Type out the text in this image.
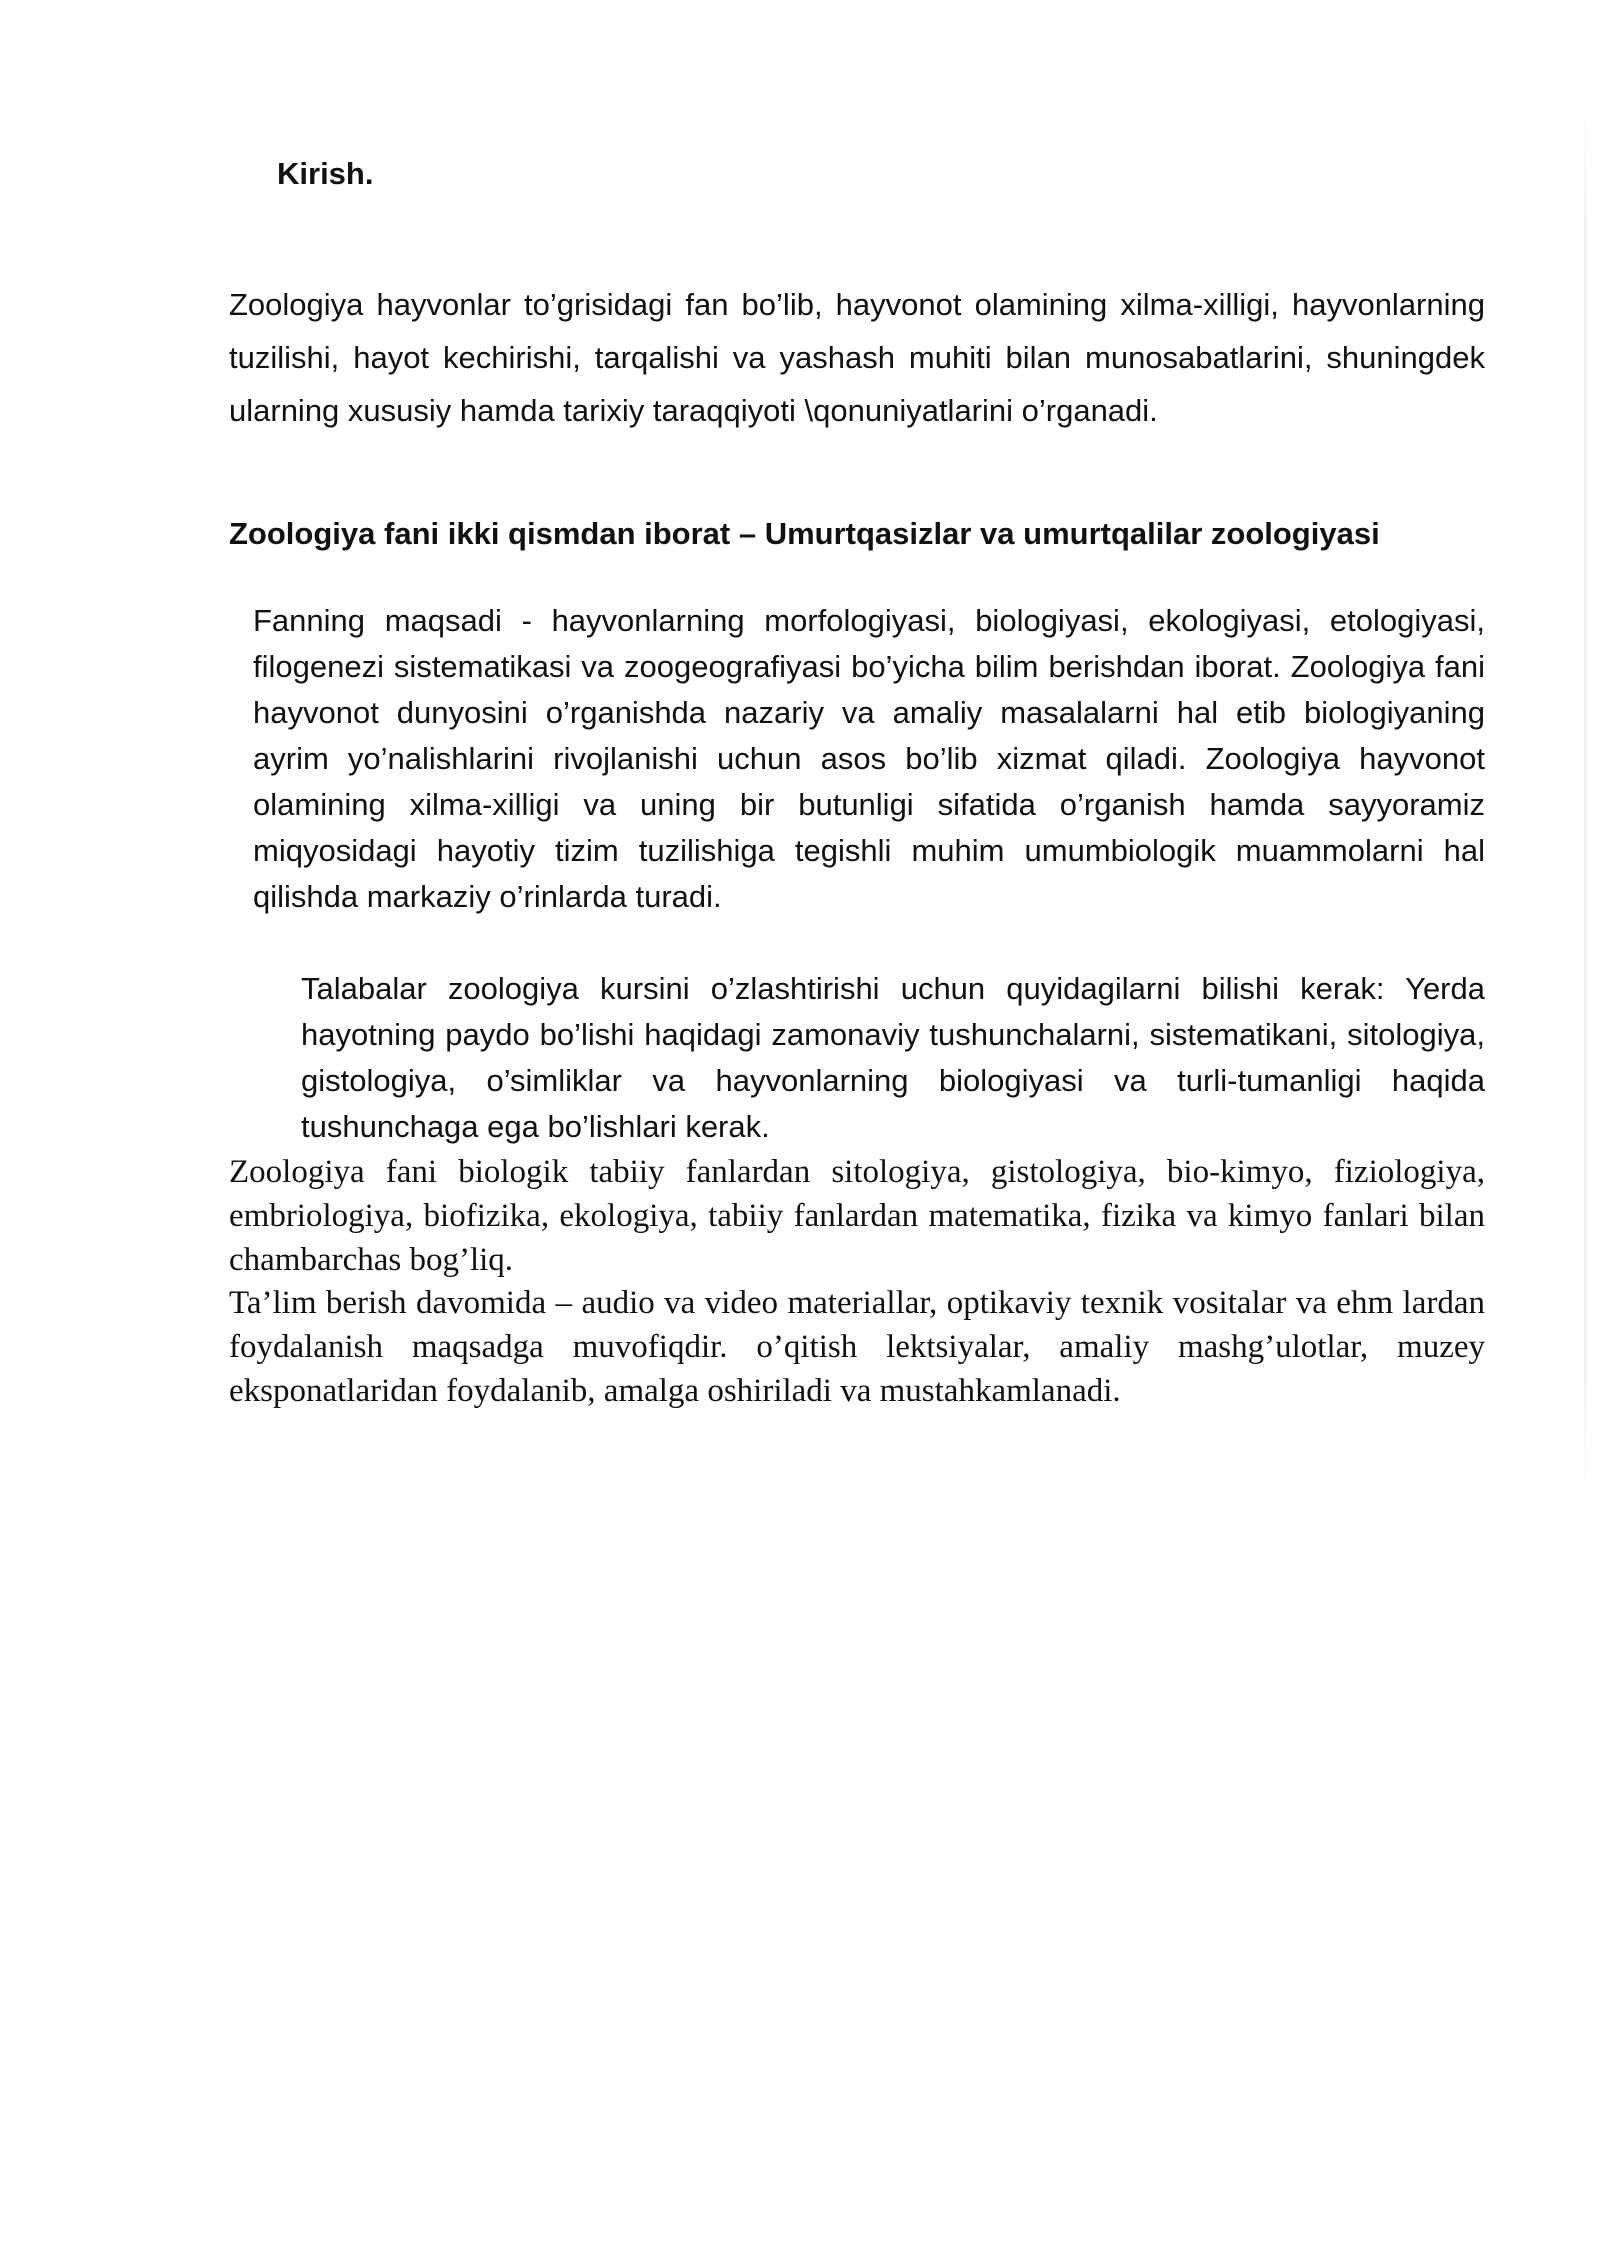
Kirish.

Zoologiya hayvonlar to’grisidagi fan bo’lib, hayvonot olamining xilma-xilligi, hayvonlarning tuzilishi, hayot kechirishi, tarqalishi va yashash muhiti bilan munosabatlarini, shuningdek ularning xususiy hamda tarixiy taraqqiyoti \qonuniyatlarini o’rganadi.

Zoologiya fani ikki qismdan iborat – Umurtqasizlar va umurtqalilar zoologiyasi

Fanning maqsadi - hayvonlarning morfologiyasi, biologiyasi, ekologiyasi, etologiyasi, filogenezi sistematikasi va zoogeografiyasi bo’yicha bilim berishdan iborat. Zoologiya fani hayvonot dunyosini o’rganishda nazariy va amaliy masalalarni hal etib biologiyaning ayrim yo’nalishlarini rivojlanishi uchun asos bo’lib xizmat qiladi. Zoologiya hayvonot olamining xilma-xilligi va uning bir butunligi sifatida o’rganish hamda sayyoramiz miqyosidagi hayotiy tizim tuzilishiga tegishli muhim umumbiologik muammolarni hal qilishda markaziy o’rinlarda turadi.

Talabalar zoologiya kursini o’zlashtirishi uchun quyidagilarni bilishi kerak: Yerda hayotning paydo bo’lishi haqidagi zamonaviy tushunchalarni, sistematikani, sitologiya, gistologiya, o’simliklar va hayvonlarning biologiyasi va turli-tumanligi haqida tushunchaga ega bo’lishlari kerak.

Zoologiya fani biologik tabiiy fanlardan sitologiya, gistologiya, bio-kimyo, fiziologiya, embriologiya, biofizika, ekologiya, tabiiy fanlardan matematika, fizika va kimyo fanlari bilan chambarchas bog’liq.

Ta’lim berish davomida – audio va video materiallar, optikaviy texnik vositalar va ehm lardan foydalanish maqsadga muvofiqdir. o’qitish lektsiyalar, amaliy mashg’ulotlar, muzey eksponatlaridan foydalanib, amalga oshiriladi va mustahkamlanadi.
